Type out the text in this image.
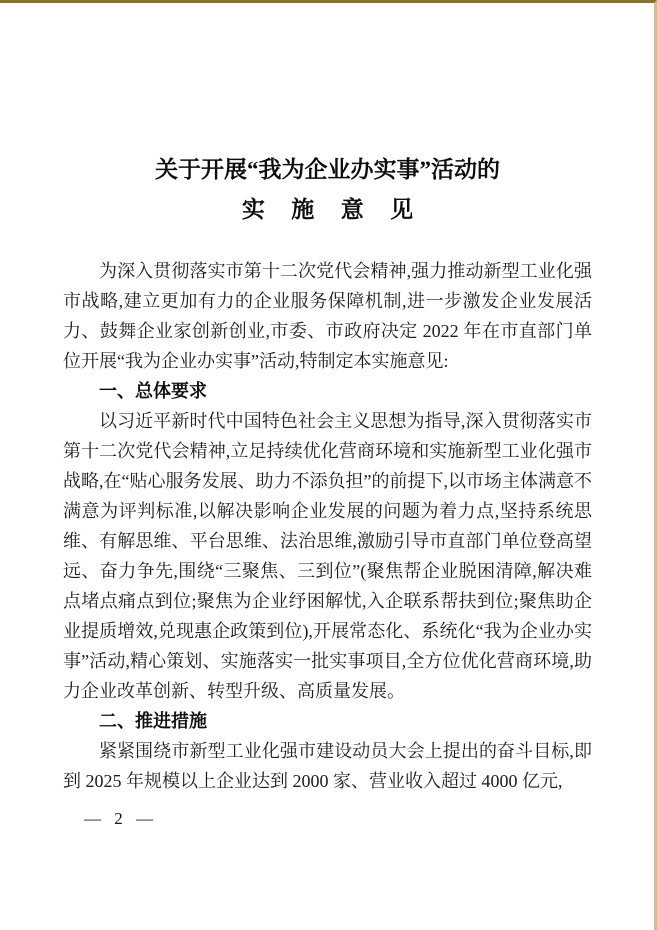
关于开展“我为企业办实事”活动的
实 施 意 见

为深入贯彻落实市第十二次党代会精神,强力推动新型工业化强市战略,建立更加有力的企业服务保障机制,进一步激发企业发展活力、鼓舞企业家创新创业,市委、市政府决定 2022 年在市直部门单位开展“我为企业办实事”活动,特制定本实施意见:

一、总体要求

以习近平新时代中国特色社会主义思想为指导,深入贯彻落实市第十二次党代会精神,立足持续优化营商环境和实施新型工业化强市战略,在“贴心服务发展、助力不添负担”的前提下,以市场主体满意不满意为评判标准,以解决影响企业发展的问题为着力点,坚持系统思维、有解思维、平台思维、法治思维,激励引导市直部门单位登高望远、奋力争先,围绕“三聚焦、三到位”(聚焦帮企业脱困清障,解决难点堵点痛点到位;聚焦为企业纾困解忧,入企联系帮扶到位;聚焦助企业提质增效,兑现惠企政策到位),开展常态化、系统化“我为企业办实事”活动,精心策划、实施落实一批实事项目,全方位优化营商环境,助力企业改革创新、转型升级、高质量发展。

二、推进措施

紧紧围绕市新型工业化强市建设动员大会上提出的奋斗目标,即到 2025 年规模以上企业达到 2000 家、营业收入超过 4000 亿元,

— 2 —
